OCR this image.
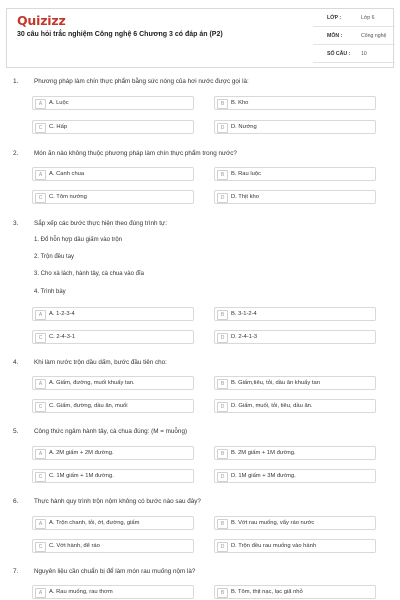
Quizizz
30 câu hỏi trắc nghiệm Công nghệ 6 Chương 3 có đáp án (P2)
LỚP :	Lớp 6
MÔN :	Công nghệ
SỐ CÂU : 10
1. Phương pháp làm chín thực phẩm bằng sức nóng của hơi nước được gọi là:
A	A. Luộc	B	B. Kho
C	C. Hấp	D	D. Nướng
2. Món ăn nào không thuộc phương pháp làm chín thực phẩm trong nước?
A	A. Canh chua	B	B. Rau luộc
C	C. Tôm nướng	D	D. Thịt kho
3. Sắp xếp các bước thực hiện theo đúng trình tự:
1. Đổ hỗn hợp dầu giấm vào trộn
2. Trộn đều tay
3. Cho xà lách, hành tây, cà chua vào đĩa
4. Trình bày
A	A. 1-2-3-4	B	B. 3-1-2-4
C	C. 2-4-3-1	D	D. 2-4-1-3
4. Khi làm nước trộn dầu dấm, bước đầu tiên cho:
A	A. Giấm, đường, muối khuấy tan.	B	B. Giấm,tiêu, tỏi, dầu ăn khuấy tan
C	C. Giấm, đường, dầu ăn, muối	D	D. Giấm, muối, tỏi, tiêu, dầu ăn.
5. Công thức ngâm hành tây, cà chua đúng: (M = muỗng)
A	A. 2M giấm + 2M đường.	B	B. 2M giấm + 1M đường.
C	C. 1M giấm + 1M đường.	D	D. 1M giấm + 3M đường.
6. Thực hành quy trình trộn nộm không có bước nào sau đây?
A	A. Trộn chanh, tỏi, ớt, đường, giấm	B	B. Vớt rau muống, vẩy ráo nước
C	C. Vớt hành, để ráo	D	D. Trộn đều rau muống vào hành
7. Nguyên liệu cần chuẩn bị để làm món rau muống nộm là?
A	A. Rau muống, rau thơm	B	B. Tôm, thịt nạc, lạc giã nhỏ
